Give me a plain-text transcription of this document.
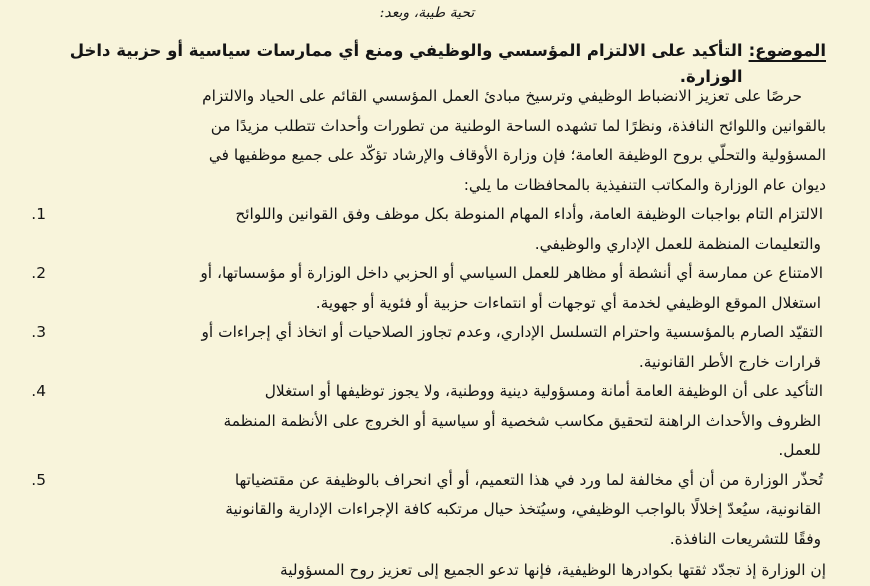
تحية طيبة، وبعد:
الموضوع:
التأكيد على الالتزام المؤسسي والوظيفي ومنع أي ممارسات سياسية أو حزبية داخل الوزارة.
حرصًا على تعزيز الانضباط الوظيفي وترسيخ مبادئ العمل المؤسسي القائم على الحياد والالتزام
بالقوانين واللوائح النافذة، ونظرًا لما تشهده الساحة الوطنية من تطورات وأحداث تتطلب مزيدًا من
المسؤولية والتحلّي بروح الوظيفة العامة؛ فإن وزارة الأوقاف والإرشاد تؤكّد على جميع موظفيها في
ديوان عام الوزارة والمكاتب التنفيذية بالمحافظات ما يلي:
الالتزام التام بواجبات الوظيفة العامة، وأداء المهام المنوطة بكل موظف وفق القوانين واللوائح
والتعليمات المنظمة للعمل الإداري والوظيفي.
1.
الامتناع عن ممارسة أي أنشطة أو مظاهر للعمل السياسي أو الحزبي داخل الوزارة أو مؤسساتها، أو
استغلال الموقع الوظيفي لخدمة أي توجهات أو انتماءات حزبية أو فئوية أو جهوية.
2.
التقيّد الصارم بالمؤسسية واحترام التسلسل الإداري، وعدم تجاوز الصلاحيات أو اتخاذ أي إجراءات أو
قرارات خارج الأطر القانونية.
3.
التأكيد على أن الوظيفة العامة أمانة ومسؤولية دينية ووطنية، ولا يجوز توظيفها أو استغلال
الظروف والأحداث الراهنة لتحقيق مكاسب شخصية أو سياسية أو الخروج على الأنظمة المنظمة
للعمل.
4.
تُحذّر الوزارة من أن أي مخالفة لما ورد في هذا التعميم، أو أي انحراف بالوظيفة عن مقتضياتها
القانونية، سيُعدّ إخلالًا بالواجب الوظيفي، وسيُتخذ حيال مرتكبه كافة الإجراءات الإدارية والقانونية
وفقًا للتشريعات النافذة.
5.
إن الوزارة إذ تجدّد ثقتها بكوادرها الوظيفية، فإنها تدعو الجميع إلى تعزيز روح المسؤولية
